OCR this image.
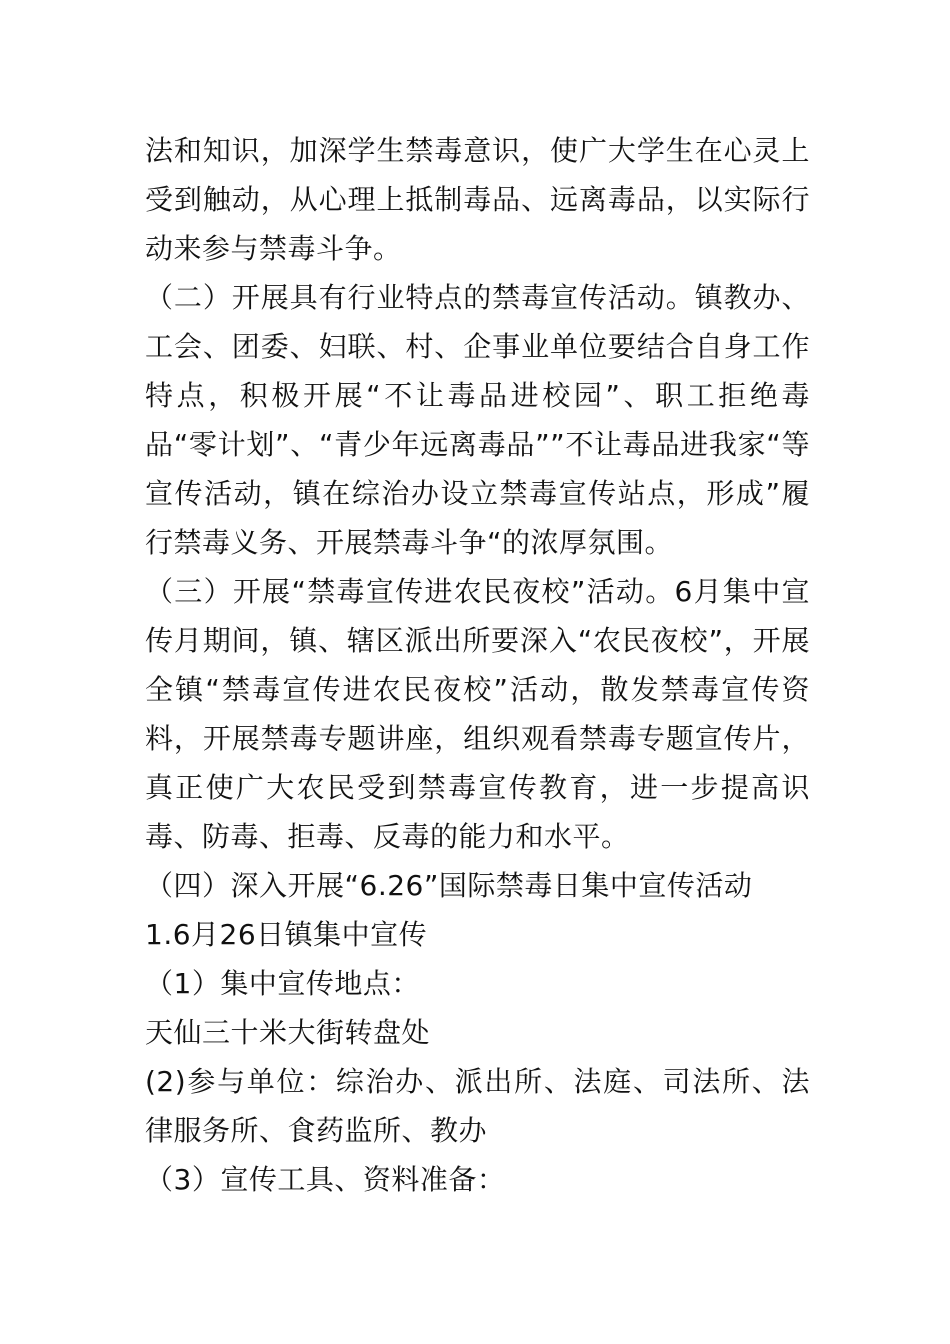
法和知识，加深学生禁毒意识，使广大学生在心灵上受到触动，从心理上抵制毒品、远离毒品，以实际行动来参与禁毒斗争。

（二）开展具有行业特点的禁毒宣传活动。镇教办、工会、团委、妇联、村、企事业单位要结合自身工作特点，积极开展“不让毒品进校园”、职工拒绝毒品“零计划”、“青少年远离毒品””不让毒品进我家“等宣传活动，镇在综治办设立禁毒宣传站点，形成”履行禁毒义务、开展禁毒斗争“的浓厚氛围。

（三）开展“禁毒宣传进农民夜校”活动。6月集中宣传月期间，镇、辖区派出所要深入“农民夜校”，开展全镇“禁毒宣传进农民夜校”活动，散发禁毒宣传资料，开展禁毒专题讲座，组织观看禁毒专题宣传片，真正使广大农民受到禁毒宣传教育，进一步提高识毒、防毒、拒毒、反毒的能力和水平。

（四）深入开展“6.26”国际禁毒日集中宣传活动

1.6月26日镇集中宣传

（1）集中宣传地点：

天仙三十米大街转盘处

(2)参与单位：综治办、派出所、法庭、司法所、法律服务所、食药监所、教办

（3）宣传工具、资料准备：
